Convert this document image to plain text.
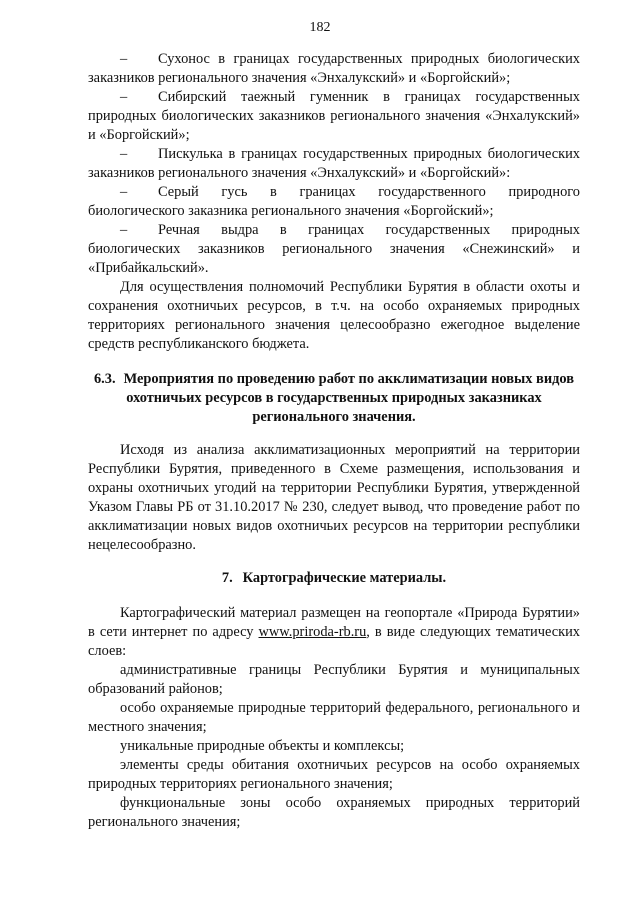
182

– Сухонос в границах государственных природных биологических заказников регионального значения «Энхалукский» и «Боргойский»;

– Сибирский таежный гуменник в границах государственных природных биологических заказников регионального значения «Энхалукский» и «Боргойский»;

– Пискулька в границах государственных природных биологических заказников регионального значения «Энхалукский» и «Боргойский»:

– Серый гусь в границах государственного природного биологического заказника регионального значения «Боргойский»;

– Речная выдра в границах государственных природных биологических заказников регионального значения «Снежинский» и «Прибайкальский».

Для осуществления полномочий Республики Бурятия в области охоты и сохранения охотничьих ресурсов, в т.ч. на особо охраняемых природных территориях регионального значения целесообразно ежегодное выделение средств республиканского бюджета.

6.3. Мероприятия по проведению работ по акклиматизации новых видов охотничьих ресурсов в государственных природных заказниках регионального значения.

Исходя из анализа акклиматизационных мероприятий на территории Республики Бурятия, приведенного в Схеме размещения, использования и охраны охотничьих угодий на территории Республики Бурятия, утвержденной Указом Главы РБ от 31.10.2017 № 230, следует вывод, что проведение работ по акклиматизации новых видов охотничьих ресурсов на территории республики нецелесообразно.

7. Картографические материалы.

Картографический материал размещен на геопортале «Природа Бурятии» в сети интернет по адресу www.priroda-rb.ru, в виде следующих тематических слоев:

административные границы Республики Бурятия и муниципальных образований районов;

особо охраняемые природные территорий федерального, регионального и местного значения;

уникальные природные объекты и комплексы;

элементы среды обитания охотничьих ресурсов на особо охраняемых природных территориях регионального значения;

функциональные зоны особо охраняемых природных территорий регионального значения;
